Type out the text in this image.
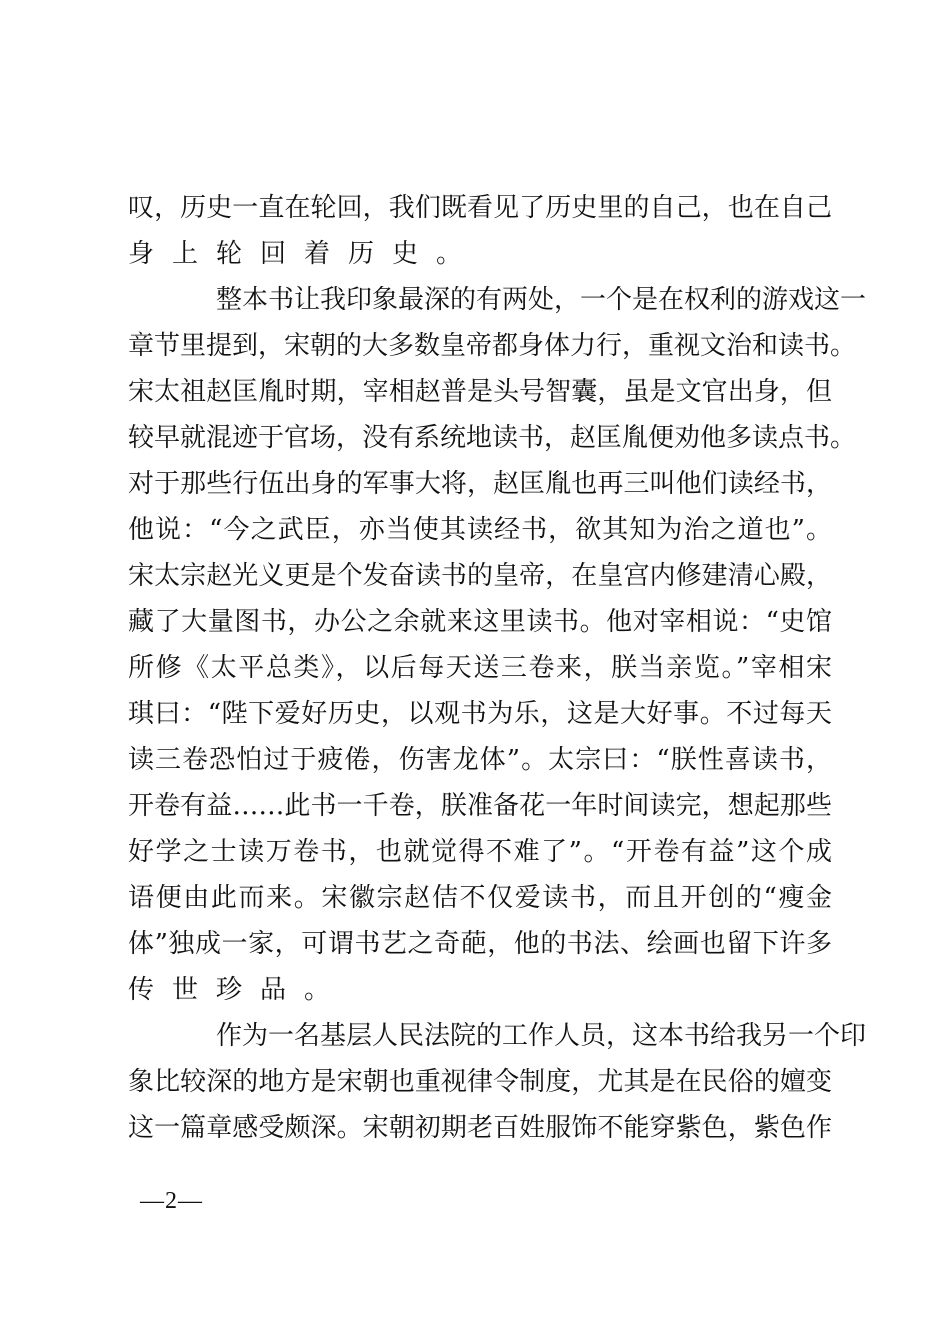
叹，历史一直在轮回，我们既看见了历史里的自己，也在自己
身上轮回着历史。
整本书让我印象最深的有两处，一个是在权利的游戏这一
章节里提到，宋朝的大多数皇帝都身体力行，重视文治和读书。
宋太祖赵匡胤时期，宰相赵普是头号智囊，虽是文官出身，但
较早就混迹于官场，没有系统地读书，赵匡胤便劝他多读点书。
对于那些行伍出身的军事大将，赵匡胤也再三叫他们读经书，
他说：“今之武臣，亦当使其读经书，欲其知为治之道也”。
宋太宗赵光义更是个发奋读书的皇帝，在皇宫内修建清心殿，
藏了大量图书，办公之余就来这里读书。他对宰相说：“史馆
所修《太平总类》，以后每天送三卷来，朕当亲览。”宰相宋
琪曰：“陛下爱好历史，以观书为乐，这是大好事。不过每天
读三卷恐怕过于疲倦，伤害龙体”。太宗曰：“朕性喜读书，
开卷有益……此书一千卷，朕准备花一年时间读完，想起那些
好学之士读万卷书，也就觉得不难了”。“开卷有益”这个成
语便由此而来。宋徽宗赵佶不仅爱读书，而且开创的“瘦金
体”独成一家，可谓书艺之奇葩，他的书法、绘画也留下许多
传世珍品。
作为一名基层人民法院的工作人员，这本书给我另一个印
象比较深的地方是宋朝也重视律令制度，尤其是在民俗的嬗变
这一篇章感受颇深。宋朝初期老百姓服饰不能穿紫色，紫色作
—2—
